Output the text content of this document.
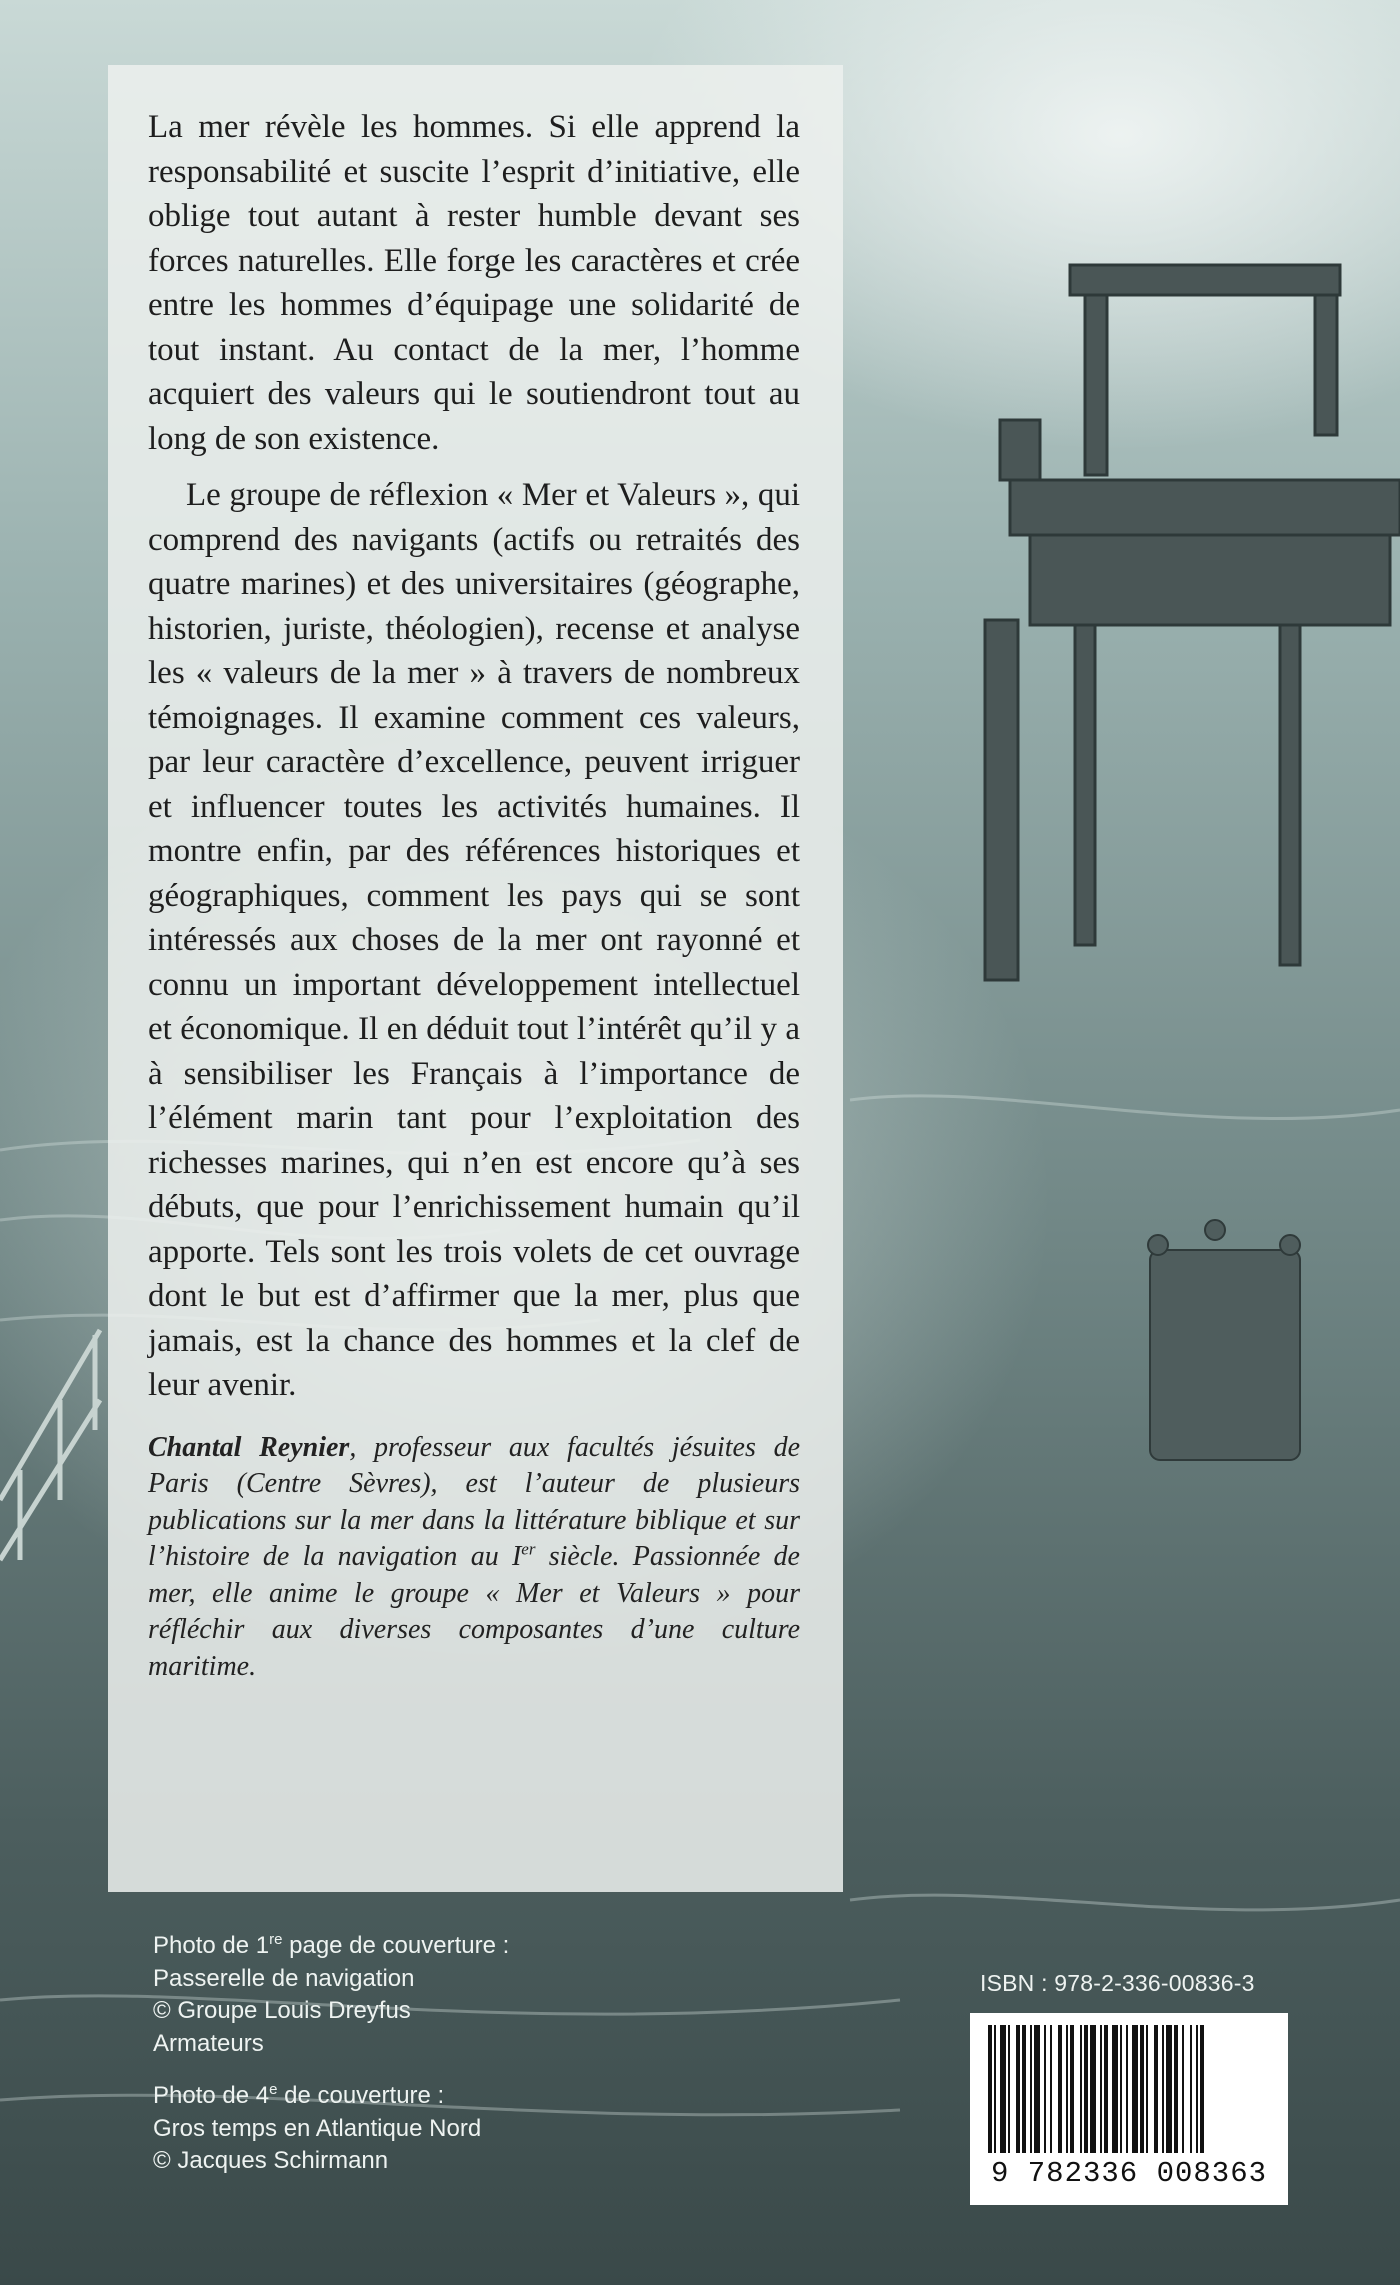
La mer révèle les hommes. Si elle apprend la responsabilité et suscite l’esprit d’initiative, elle oblige tout autant à rester humble devant ses forces naturelles. Elle forge les caractères et crée entre les hommes d’équipage une solidarité de tout instant. Au contact de la mer, l’homme acquiert des valeurs qui le soutiendront tout au long de son existence.

Le groupe de réflexion « Mer et Valeurs », qui comprend des navigants (actifs ou retraités des quatre marines) et des universitaires (géographe, historien, juriste, théologien), recense et analyse les « valeurs de la mer » à travers de nombreux témoignages. Il examine comment ces valeurs, par leur caractère d’excellence, peuvent irriguer et influencer toutes les activités humaines. Il montre enfin, par des références historiques et géographiques, comment les pays qui se sont intéressés aux choses de la mer ont rayonné et connu un important développement intellectuel et économique. Il en déduit tout l’intérêt qu’il y a à sensibiliser les Français à l’importance de l’élément marin tant pour l’exploitation des richesses marines, qui n’en est encore qu’à ses débuts, que pour l’enrichissement humain qu’il apporte. Tels sont les trois volets de cet ouvrage dont le but est d’affirmer que la mer, plus que jamais, est la chance des hommes et la clef de leur avenir.

Chantal Reynier, professeur aux facultés jésuites de Paris (Centre Sèvres), est l’auteur de plusieurs publications sur la mer dans la littérature biblique et sur l’histoire de la navigation au Ier siècle. Passionnée de mer, elle anime le groupe « Mer et Valeurs » pour réfléchir aux diverses composantes d’une culture maritime.
Photo de 1re page de couverture :
Passerelle de navigation
© Groupe Louis Dreyfus
Armateurs
Photo de 4e de couverture :
Gros temps en Atlantique Nord
© Jacques Schirmann
ISBN : 978-2-336-00836-3
9 782336 008363
